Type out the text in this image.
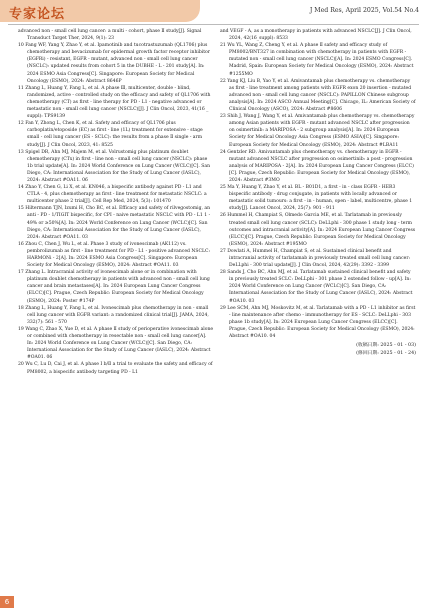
专家论坛	J Med Res, April 2025, Vol.54 No.4

advanced non - small cell lung cancer: a multi - cohort, phase Ⅱ study[J]. Signal Transduct Target Ther, 2024, 9(1): 23

10 Fang WF, Yang Y, Zhao Y, et al. Ipamotinib and tucotrastuzumab (QL1706) plus chemotherapy and bevacizumab for epidermal growth factor receptor inhibitor (EGFRi) - resistant, EGFR - mutant, advanced non - small cell lung cancer (NSCLC): updated results from cohort 5 in the DUBHE - L - 201 study[A]. In: 2024 ESMO Asia Congress[C]. Singapore: European Society for Medical Oncology (ESMO), 2024: Abstract 8646P

11 Zhang L, Huang Y, Fang L, et al. A phase Ⅲ, multicenter, double - blind, randomized, active - controlled study on the efficacy and safety of QL1706 with chemotherapy (CT) as first - line therapy for PD - L1 - negative advanced or metastatic non - small cell lung cancer (NSCLC)[J]. J Clin Oncol, 2023, 41(16 _ suppl): TPS9139

12 Fan Y, Zhong L, Chen K, et al. Safety and efficacy of QL1706 plus carboplatin/etoposide (EC) as first - line (1L) treatment for extensive - stage small - cell lung cancer (ES - SCLC): the results from a phase Ⅱ single - arm study[J]. J Clin Oncol, 2023, 41: 8525

13 Spigel DR, Ahn MJ, Majem M, et al. Volrustomig plus platinum doublet chemotherapy (CTx) in first - line non - small cell lung cancer (NSCLC): phase 1b trial update[A]. In: 2024 World Conference on Lung Cancer (WCLC)[C]. San Diego, CA: International Association for the Study of Lung Cancer (IASLC), 2024: Abstract #OA11. 06

14 Zhao Y, Chen G, Li X, et al. KN046, a bispecific antibody against PD - L1 and CTLA - 4, plus chemotherapy as first - line treatment for metastatic NSCLC: a multicenter phase 2 trial[J]. Cell Rep Med, 2024, 5(3): 101470

15 Hiltermann TJN, Izumi H, Cho BC, et al. Efficacy and safety of rilvegostomig, an anti - PD - 1/TIGIT bispecific, for CPI - naive metastatic NSCLC with PD - L1 1 - 49% or ≥50%[A]. In: 2024 World Conference on Lung Cancer (WCLC)[C]. San Diego, CA: International Association for the Study of Lung Cancer (IASLC), 2024: Abstract #OA11. 03

16 Zhou C, Chen J, Wu L, et al. Phase 3 study of ivonescimab (AK112) vs. pembrolizumab as first - line treatment for PD - L1 - positive advanced NSCLC: HARMONi - 2[A]. In: 2024 ESMO Asia Congress[C]. Singapore: European Society for Medical Oncology (ESMO), 2024: Abstract #OA11. 03

17 Zhang L. Intracranial activity of ivonescimab alone or in combination with platinum doublet chemotherapy in patients with advanced non - small cell lung cancer and brain metastases[A]. In: 2024 European Lung Cancer Congress (ELCC)[C]. Prague, Czech Republic: European Society for Medical Oncology (ESMO), 2024: Poster #174P

18 Zhang L, Huang Y, Fang L, et al. Ivonescimab plus chemotherapy in non - small cell lung cancer with EGFR variant: a randomized clinical trial[J]. JAMA, 2024, 332(7): 561 - 570

19 Wang C, Zhao X, Yue D, et al. A phase Ⅱ study of perioperative ivonescimab alone or combined with chemotherapy in resectable non - small cell lung cancer[A]. In: 2024 World Conference on Lung Cancer (WCLC)[C]. San Diego, CA: International Association for the Study of Lung Cancer (IASLC), 2024: Abstract #OA01. 06

20 Wu C, Lu D, Cai J, et al. A phase Ⅰ b/Ⅱ a trial to evaluate the safety and efficacy of PM8002, a bispecific antibody targeting PD - L1

and VEGF - A, as a monotherapy in patients with advanced NSCLC[J]. J Clin Oncol, 2024, 42(16_suppl): 8533

21 Wu YL, Wang Z, Cheng Y, et al. A phase Ⅱ safety and efficacy study of PM8002/BNT327 in combination with chemotherapy in patients with EGFR - mutated non - small cell lung cancer (NSCLC)[A]. In: 2024 ESMO Congress[C]. Madrid, Spain: European Society for Medical Oncology (ESMO), 2024: Abstract #1255MO

22 Yang KJ, Liu B, Yao Y, et al. Amivantamab plus chemotherapy vs. chemotherapy as first - line treatment among patients with EGFR exon 20 insertion - mutated advanced non - small cell lung cancer (NSCLC): PAPILLON Chinese subgroup analysis[A]. In: 2024 ASCO Annual Meeting[C]. Chicago, IL: American Society of Clinical Oncology (ASCO), 2024: Abstract #8606

23 Shih J, Wang J, Wang Y, et al. Amivantamab plus chemotherapy vs. chemotherapy among Asian patients with EGFR - mutant advanced NSCLC after progression on osimertinib: a MARIPOSA - 2 subgroup analysis[A]. In: 2024 European Society for Medical Oncology Asia Congress (ESMO ASIA)[C]. Singapore: European Society for Medical Oncology (ESMO), 2024: Abstract #LBA11

24 Gentzler RD. Amivantamab plus chemotherapy vs. chemotherapy in EGFR - mutant advanced NSCLC after progression on osimertinib: a post - progression analysis of MARIPOSA - 2[A]. In: 2024 European Lung Cancer Congress (ELCC)[C]. Prague, Czech Republic: European Society for Medical Oncology (ESMO), 2024: Abstract #3MO

25 Ma Y, Huang Y, Zhao Y, et al. BL - B01D1, a first - in - class EGFR - HER3 bispecific antibody - drug conjugate, in patients with locally advanced or metastatic solid tumours: a first - in - human, open - label, multicentre, phase 1 study[J]. Lancet Oncol, 2024, 25(7): 901 - 911

26 Hummel H, Champiat S, Olmedo Garcia ME, et al. Tarlatamab in previously treated small cell lung cancer (SCLC): DeLLphi - 300 phase 1 study long - term outcomes and intracranial activity[A]. In: 2024 European Lung Cancer Congress (ELCC)[C]. Prague, Czech Republic: European Society for Medical Oncology (ESMO), 2024: Abstract #195MO

27 Dowlati A, Hummel H, Champiat S, et al. Sustained clinical benefit and intracranial activity of tarlatamab in previously treated small cell lung cancer: DeLLphi - 300 trial update[J]. J Clin Oncol, 2024, 42(29): 3392 - 3399

28 Sands J, Cho BC, Ahn MJ, et al. Tarlatamab sustained clinical benefit and safety in previously treated SCLC: DeLLphi - 301 phase 2 extended follow - up[A]. In: 2024 World Conference on Lung Cancer (WCLC)[C]. San Diego, CA: International Association for the Study of Lung Cancer (IASLC), 2024: Abstract #OA10. 03

29 Lee SCM, Ahn MJ, Moskovitz M, et al. Tarlatamab with a PD - L1 inhibitor as first - line maintenance after chemo - immunotherapy for ES - SCLC: DeLLphi - 303 phase 1b study[A]. In: 2024 European Lung Cancer Congress (ELCC)[C]. Prague, Czech Republic: European Society for Medical Oncology (ESMO), 2024: Abstract #OA10. 04

(收稿日期: 2025 - 01 - 03)
(修回日期: 2025 - 01 - 24)
6
